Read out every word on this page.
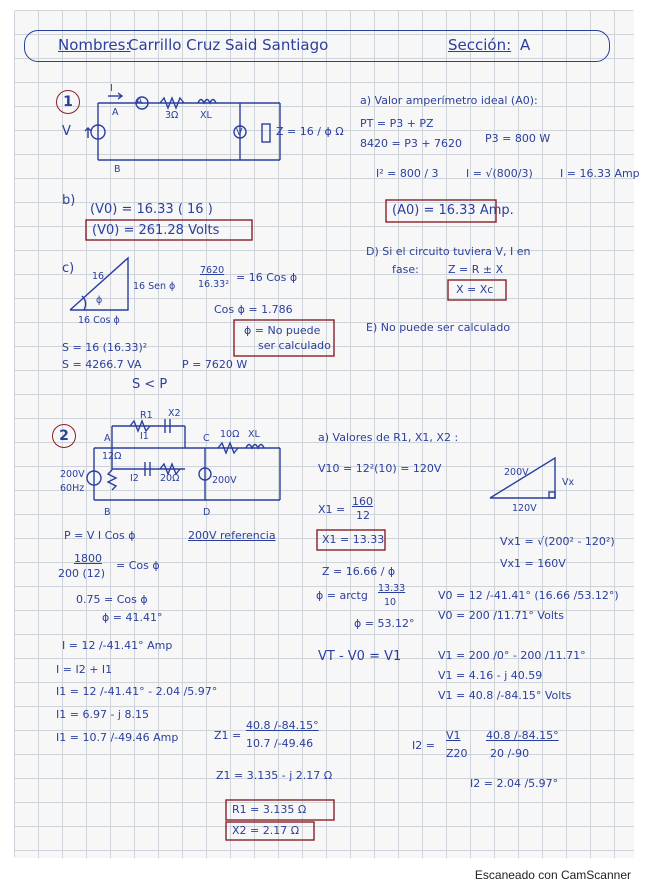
Nombres:
Carrillo Cruz Said Santiago	Sección: A
1
I
A
A
3Ω XL
V	V	Z = 16 / ϕ Ω
B
a) Valor amperímetro ideal (A0):
PT = P3 + PZ
8420 = P3 + 7620 P3 = 800 W
I² = 800 / 3 I = √(800/3) I = 16.33 Amp
(A0) = 16.33 Amp.
b)
(V0) = 16.33 ( 16 )
(V0) = 261.28 Volts
c)
16
16 Sen ϕ
16 Cos ϕ
ϕ
7620
16.33²
= 16 Cos ϕ
Cos ϕ = 1.786
ϕ = No puede
ser calculado
S = 16 (16.33)²
S = 4266.7 VA	P = 7620 W
S < P
D) Si el circuito tuviera V, I en
fase:	Z = R ± X
X = Xc
E) No puede ser calculado
2
R1 X2
XL
I1
I2
12Ω
20Ω
10Ω
A
B
C
D
200V
60Hz
200V
P = V I Cos ϕ	200V referencia
1800
200 (12)
= Cos ϕ
0.75 = Cos ϕ
ϕ = 41.41°
I = 12 /-41.41° Amp
I = I2 + I1
I1 = 12 /-41.41° - 2.04 /5.97°
I1 = 6.97 - j 8.15
I1 = 10.7 /-49.46 Amp
a) Valores de R1, X1, X2 :
V10 = 12²(10) = 120V
X1 =
160
12
X1 = 13.33
Z = 16.66 / ϕ
ϕ = arctg
13.33
10
ϕ = 53.12°
VT - V0 = V1
Z1 =
40.8 /-84.15°
10.7 /-49.46
Z1 = 3.135 - j 2.17 Ω
R1 = 3.135 Ω
X2 = 2.17 Ω
200V
120V
Vx
Vx1 = √(200² - 120²)
Vx1 = 160V
V0 = 12 /-41.41° (16.66 /53.12°)
V0 = 200 /11.71° Volts
V1 = 200 /0° - 200 /11.71°
V1 = 4.16 - j 40.59
V1 = 40.8 /-84.15° Volts
I2 =
V1
Z20
40.8 /-84.15°
20 /-90
I2 = 2.04 /5.97°
Escaneado con CamScanner
